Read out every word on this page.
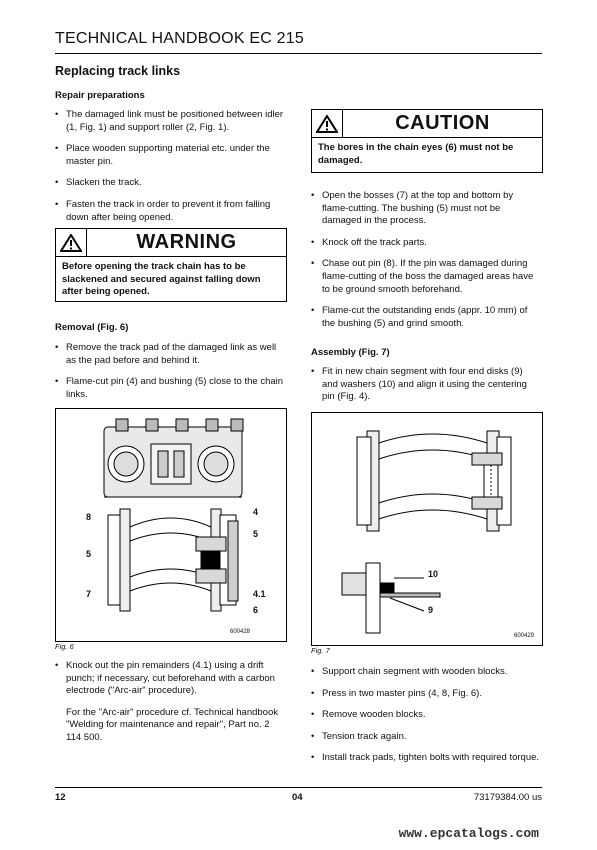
TECHNICAL HANDBOOK EC 215
Replacing track links
Repair preparations
• The damaged link must be positioned between idler (1, Fig. 1) and support roller (2, Fig. 1).
• Place wooden supporting material etc. under the master pin.
• Slacken the track.
• Fasten the track in order to prevent it from falling down after being opened.
WARNING
Before opening the track chain has to be slackened and secured against falling down after being opened.
Removal (Fig. 6)
• Remove the track pad of the damaged link as well as the pad before and behind it.
• Flame-cut pin (4) and bushing (5) close to the chain links.
8
5
7
4
5
4.1
6
600428
Fig. 6
• Knock out the pin remainders (4.1) using a drift punch; if necessary, cut beforehand with a carbon electrode ("Arc-air" procedure).
For the "Arc-air" procedure cf. Technical handbook "Welding for maintenance and repair", Part no. 2 114 500.
CAUTION
The bores in the chain eyes (6) must not be damaged.
• Open the bosses (7) at the top and bottom by flame-cutting. The bushing (5) must not be damaged in the process.
• Knock off the track parts.
• Chase out pin (8). If the pin was damaged during flame-cutting of the boss the damaged areas have to be ground smooth beforehand.
• Flame-cut the outstanding ends (appr. 10 mm) of the bushing (5) and grind smooth.
Assembly (Fig. 7)
• Fit in new chain segment with four end disks (9) and washers (10) and align it using the centering pin (Fig. 4).
10
9
600429
Fig. 7
• Support chain segment with wooden blocks.
• Press in two master pins (4, 8, Fig. 6).
• Remove wooden blocks.
• Tension track again.
• Install track pads, tighten bolts with required torque.
12	04	73179384.00 us
www.epcatalogs.com
